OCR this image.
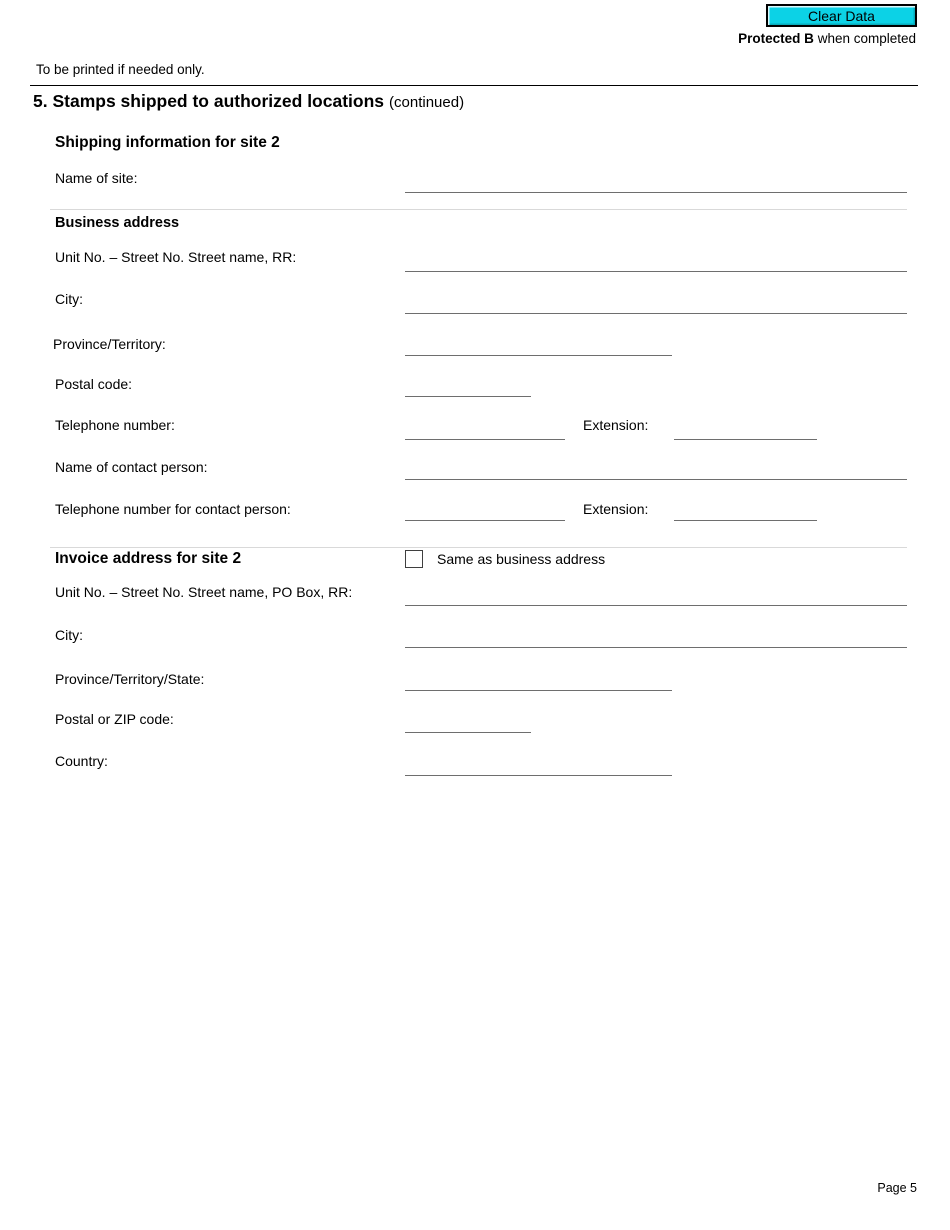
Clear Data
Protected B when completed
To be printed if needed only.
5. Stamps shipped to authorized locations (continued)
Shipping information for site 2
Name of site:
Business address
Unit No. – Street No. Street name, RR:
City:
Province/Territory:
Postal code:
Telephone number:	Extension:
Name of contact person:
Telephone number for contact person:	Extension:
Invoice address for site 2	Same as business address
Unit No. – Street No. Street name, PO Box, RR:
City:
Province/Territory/State:
Postal or ZIP code:
Country:
Page 5
